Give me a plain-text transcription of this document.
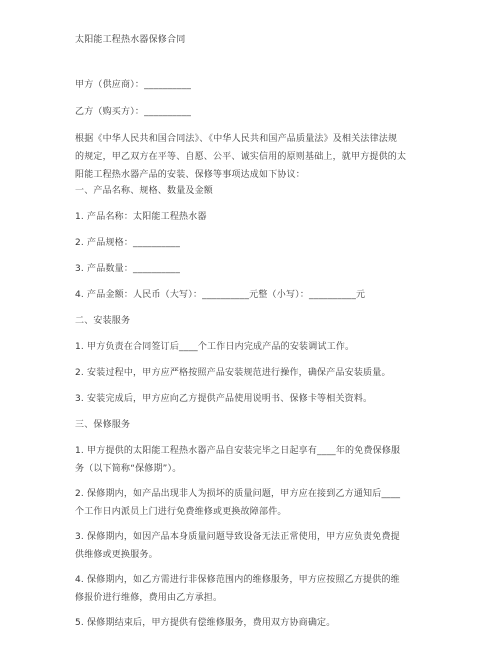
太阳能工程热水器保修合同
甲方（供应商）：__________
乙方（购买方）：__________
根据《中华人民共和国合同法》、《中华人民共和国产品质量法》及相关法律法规
的规定，甲乙双方在平等、自愿、公平、诚实信用的原则基础上，就甲方提供的太
阳能工程热水器产品的安装、保修等事项达成如下协议：
一、产品名称、规格、数量及金额
1. 产品名称：太阳能工程热水器
2. 产品规格：__________
3. 产品数量：__________
4. 产品金额：人民币（大写）：__________元整（小写）：__________元
二、安装服务
1. 甲方负责在合同签订后____个工作日内完成产品的安装调试工作。
2. 安装过程中，甲方应严格按照产品安装规范进行操作，确保产品安装质量。
3. 安装完成后，甲方应向乙方提供产品使用说明书、保修卡等相关资料。
三、保修服务
1. 甲方提供的太阳能工程热水器产品自安装完毕之日起享有____年的免费保修服
务（以下简称“保修期”）。
2. 保修期内，如产品出现非人为损坏的质量问题，甲方应在接到乙方通知后____
个工作日内派员上门进行免费维修或更换故障部件。
3. 保修期内，如因产品本身质量问题导致设备无法正常使用，甲方应负责免费提
供维修或更换服务。
4. 保修期内，如乙方需进行非保修范围内的维修服务，甲方应按照乙方提供的维
修报价进行维修，费用由乙方承担。
5. 保修期结束后，甲方提供有偿维修服务，费用双方协商确定。
